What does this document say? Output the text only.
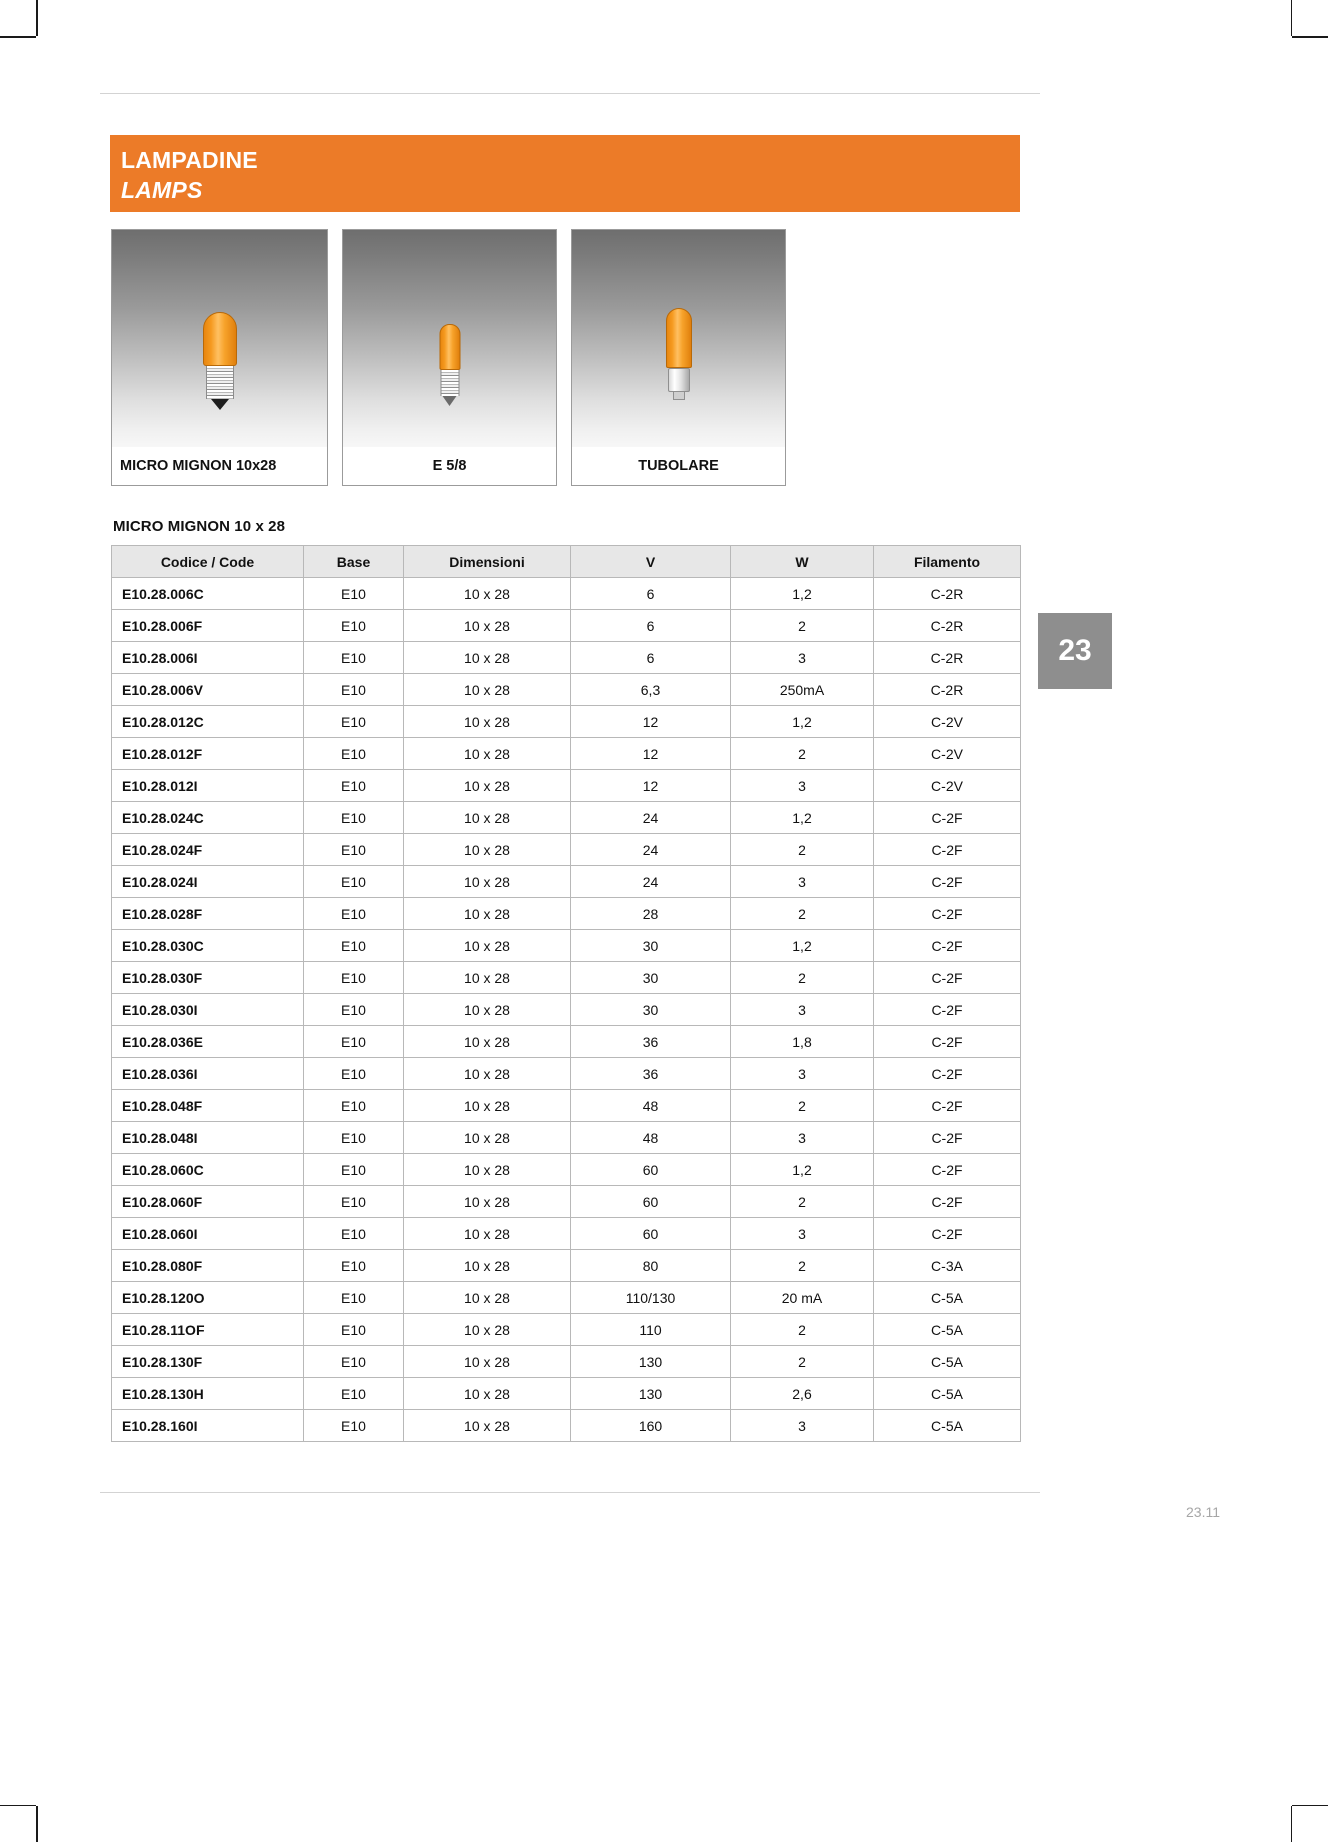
LAMPADINE
LAMPS
MICRO MIGNON 10x28	E 5/8	TUBOLARE
MICRO MIGNON 10 x 28
Codice / Code	Base	Dimensioni	V	W	Filamento
E10.28.006C	E10	10 x 28	6	1,2	C-2R
E10.28.006F	E10	10 x 28	6	2	C-2R
E10.28.006I	E10	10 x 28	6	3	C-2R
E10.28.006V	E10	10 x 28	6,3	250mA	C-2R
E10.28.012C	E10	10 x 28	12	1,2	C-2V
E10.28.012F	E10	10 x 28	12	2	C-2V
E10.28.012I	E10	10 x 28	12	3	C-2V
E10.28.024C	E10	10 x 28	24	1,2	C-2F
E10.28.024F	E10	10 x 28	24	2	C-2F
E10.28.024I	E10	10 x 28	24	3	C-2F
E10.28.028F	E10	10 x 28	28	2	C-2F
E10.28.030C	E10	10 x 28	30	1,2	C-2F
E10.28.030F	E10	10 x 28	30	2	C-2F
E10.28.030I	E10	10 x 28	30	3	C-2F
E10.28.036E	E10	10 x 28	36	1,8	C-2F
E10.28.036I	E10	10 x 28	36	3	C-2F
E10.28.048F	E10	10 x 28	48	2	C-2F
E10.28.048I	E10	10 x 28	48	3	C-2F
E10.28.060C	E10	10 x 28	60	1,2	C-2F
E10.28.060F	E10	10 x 28	60	2	C-2F
E10.28.060I	E10	10 x 28	60	3	C-2F
E10.28.080F	E10	10 x 28	80	2	C-3A
E10.28.120O	E10	10 x 28	110/130	20 mA	C-5A
E10.28.11OF	E10	10 x 28	110	2	C-5A
E10.28.130F	E10	10 x 28	130	2	C-5A
E10.28.130H	E10	10 x 28	130	2,6	C-5A
E10.28.160I	E10	10 x 28	160	3	C-5A
23
23.11
